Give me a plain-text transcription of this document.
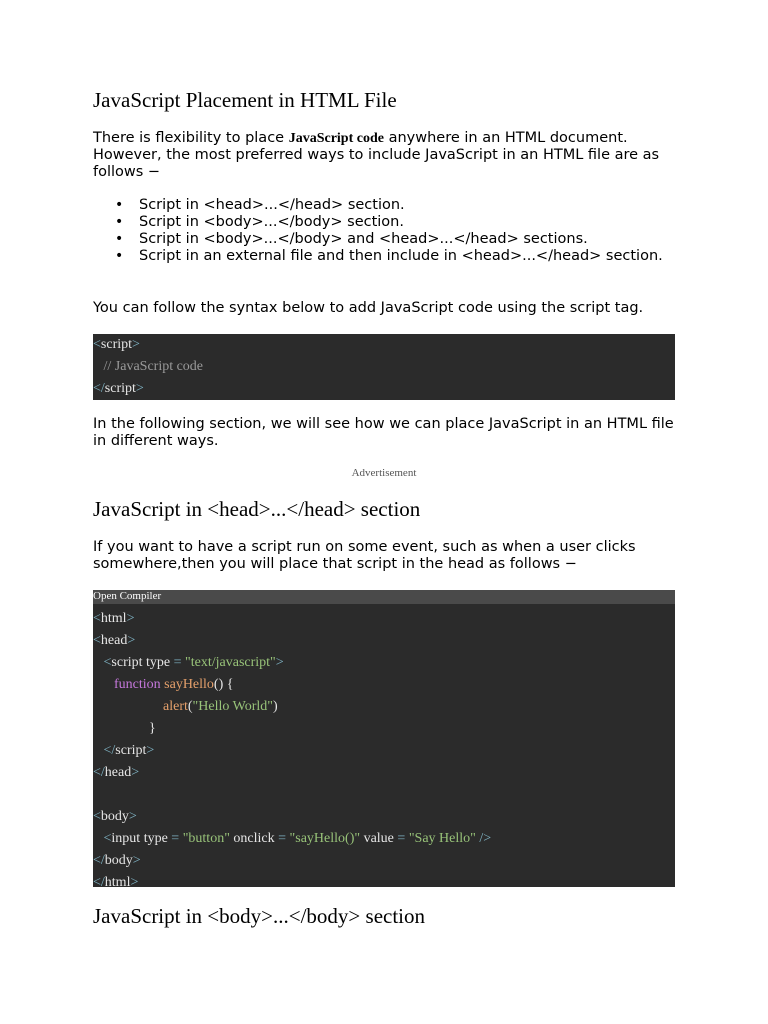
JavaScript Placement in HTML File

There is flexibility to place JavaScript code anywhere in an HTML document. However, the most preferred ways to include JavaScript in an HTML file are as follows −

• Script in <head>...</head> section.
• Script in <body>...</body> section.
• Script in <body>...</body> and <head>...</head> sections.
• Script in an external file and then include in <head>...</head> section.

You can follow the syntax below to add JavaScript code using the script tag.

<script>
// JavaScript code
</script>

In the following section, we will see how we can place JavaScript in an HTML file in different ways.

Advertisement
JavaScript in <head>...</head> section

If you want to have a script run on some event, such as when a user clicks somewhere,then you will place that script in the head as follows −

Open Compiler
<html>
<head>
<script type = "text/javascript">
function sayHello() {
alert("Hello World")
}
</script>
</head>

<body>
<input type = "button" onclick = "sayHello()" value = "Say Hello" />
</body>
</html>
JavaScript in <body>...</body> section
